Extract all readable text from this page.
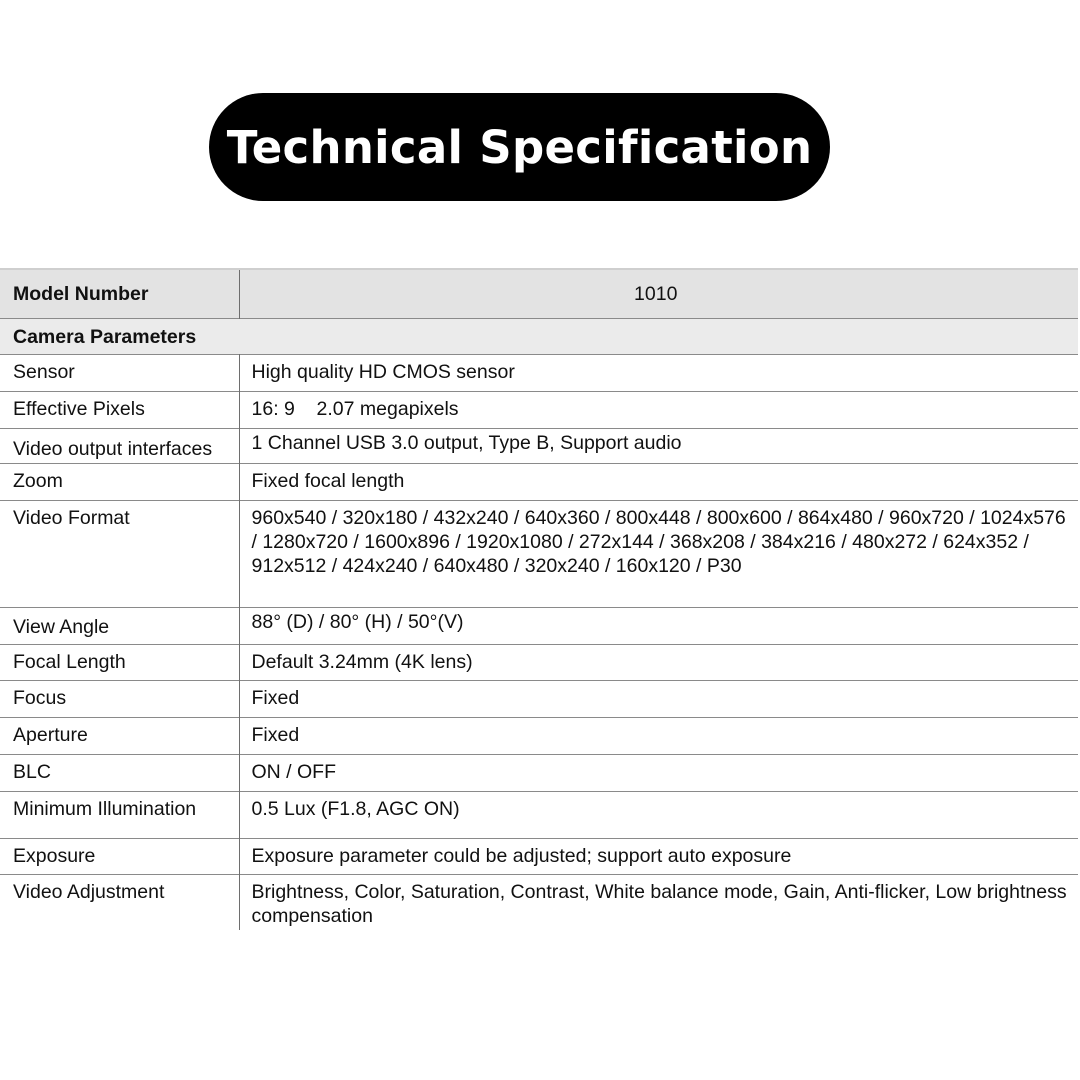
Technical Specification
Model Number	1010
Camera Parameters	
Sensor	High quality HD CMOS sensor
Effective Pixels	16: 9    2.07 megapixels
Video output interfaces	1 Channel USB 3.0 output, Type B, Support audio
Zoom	Fixed focal length
Video Format	960x540 / 320x180 / 432x240 / 640x360 / 800x448 / 800x600 / 864x480 / 960x720 / 1024x576 / 1280x720 / 1600x896 / 1920x1080 / 272x144 / 368x208 / 384x216 / 480x272 / 624x352 / 912x512 / 424x240 / 640x480 / 320x240 / 160x120 / P30
View Angle	88° (D) / 80° (H) / 50°(V)
Focal Length	Default 3.24mm (4K lens)
Focus	Fixed
Aperture	Fixed
BLC	ON / OFF
Minimum Illumination	0.5 Lux (F1.8, AGC ON)
Exposure	Exposure parameter could be adjusted; support auto exposure
Video Adjustment	Brightness, Color, Saturation, Contrast, White balance mode, Gain, Anti-flicker, Low brightness compensation
